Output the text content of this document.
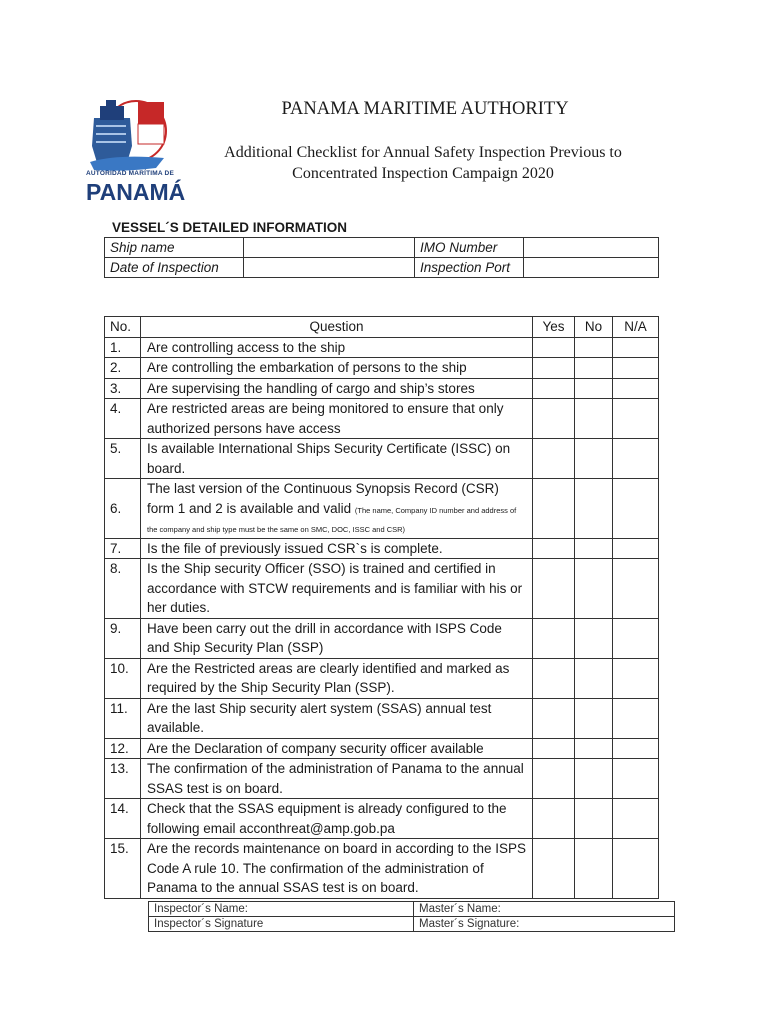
AUTORIDAD MARÍTIMA DE
PANAMÁ
PANAMA MARITIME AUTHORITY
Additional Checklist for Annual Safety Inspection Previous to
Concentrated Inspection Campaign 2020
VESSEL´S DETAILED INFORMATION
Ship name		IMO Number	
Date of Inspection		Inspection Port	
No.	Question	Yes	No	N/A
1.	Are controlling access to the ship			
2.	Are controlling the embarkation of persons to the ship			
3.	Are supervising the handling of cargo and ship’s stores			
4.	Are restricted areas are being monitored to ensure that only authorized persons have access			
5.	Is available International Ships Security Certificate (ISSC) on board.			
6.	The last version of the Continuous Synopsis Record (CSR) form 1 and 2 is available and valid (The name, Company ID number and address of the company and ship type must be the same on SMC, DOC, ISSC and CSR)			
7.	Is the file of previously issued CSR`s is complete.			
8.	Is the Ship security Officer (SSO) is trained and certified in accordance with STCW requirements and is familiar with his or her duties.			
9.	Have been carry out the drill in accordance with ISPS Code and Ship Security Plan (SSP)			
10.	Are the Restricted areas are clearly identified and marked as required by the Ship Security Plan (SSP).			
11.	Are the last Ship security alert system (SSAS) annual test available.			
12.	Are the Declaration of company security officer available			
13.	The confirmation of the administration of Panama to the annual SSAS test is on board.			
14.	Check that the SSAS equipment is already configured to the following email acconthreat@amp.gob.pa			
15.	Are the records maintenance on board in according to the ISPS Code A rule 10. The confirmation of the administration of Panama to the annual SSAS test is on board.			
Inspector´s Name:	Master´s Name:
Inspector´s Signature	Master´s Signature:
